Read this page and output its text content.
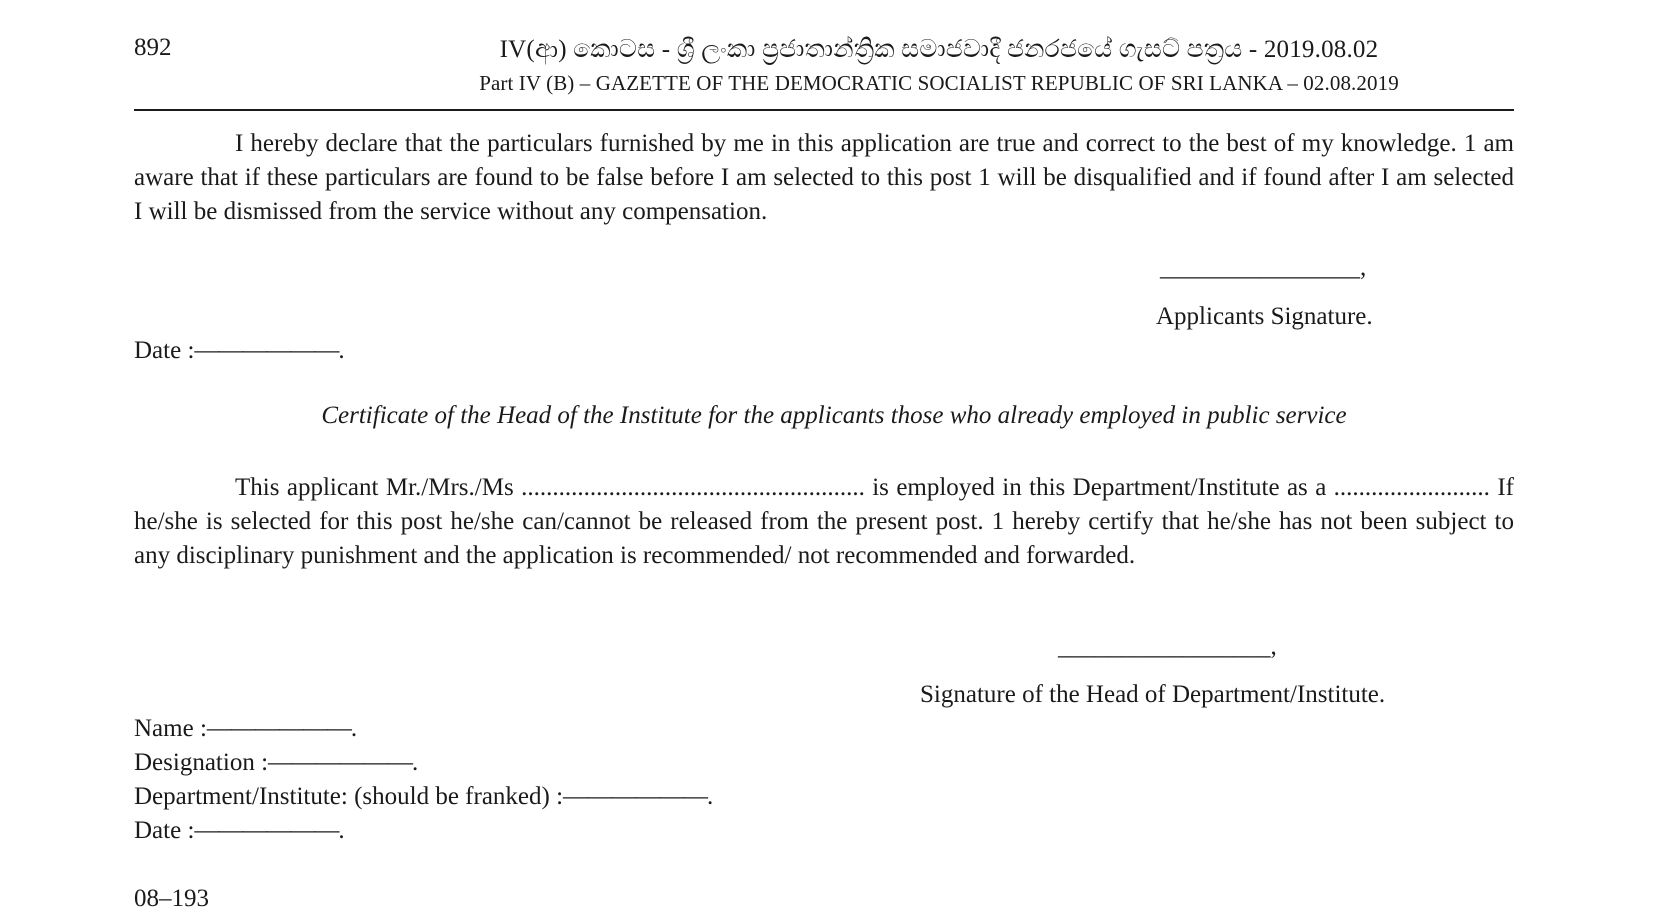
892	IV(ආ) කොටස - ශ්‍රී ලංකා ප්‍රජාතාන්ත්‍රික සමාජවාදී ජනරජයේ ගැසට් පත්‍රය - 2019.08.02
Part IV (B) – GAZETTE OF THE DEMOCRATIC SOCIALIST REPUBLIC OF SRI LANKA – 02.08.2019
I hereby declare that the particulars furnished by me in this application are true and correct to the best of my knowledge. 1 am aware that if these particulars are found to be false before I am selected to this post 1 will be disqualified and if found after I am selected I will be dismissed from the service without any compensation.
________________,
Applicants Signature.
Date :——————.
Certificate of the Head of the Institute for the applicants those who already employed in public service
This applicant Mr./Mrs./Ms ....................................................... is employed in this Department/Institute as a ......................... If he/she is selected for this post he/she can/cannot be released from the present post. 1 hereby certify that he/she has not been subject to any disciplinary punishment and the application is recommended/ not recommended and forwarded.
_________________,
Signature of the Head of Department/Institute.
Name :——————.
Designation :——————.
Department/Institute: (should be franked) :——————.
Date :——————.
08–193
